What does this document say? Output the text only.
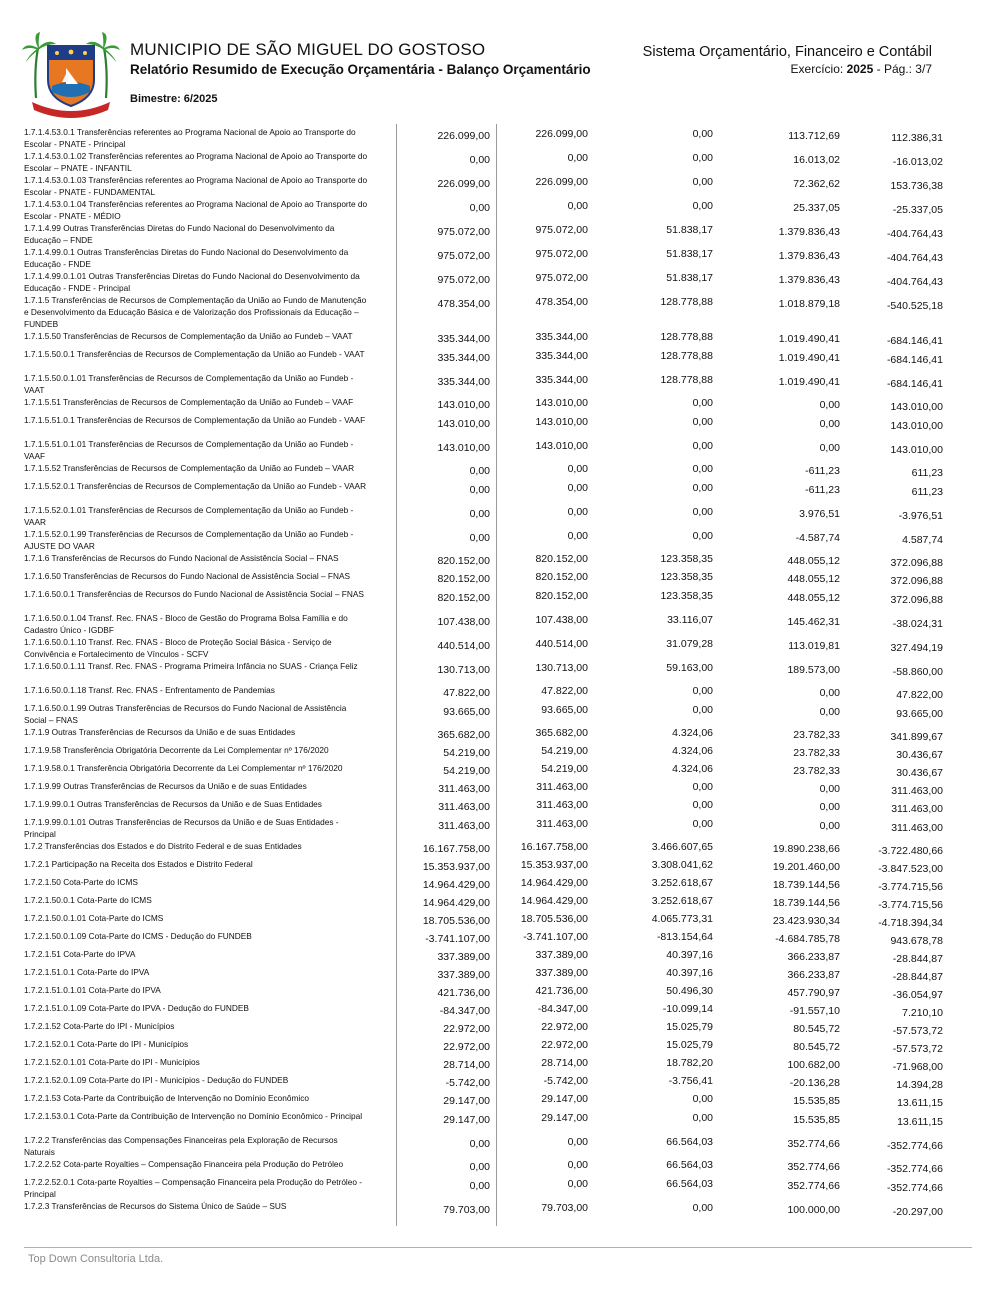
MUNICIPIO DE SÃO MIGUEL DO GOSTOSO
Relatório Resumido de Execução Orçamentária - Balanço Orçamentário
Sistema Orçamentário, Financeiro e Contábil
Exercício: 2025 - Pág.: 3/7
Bimestre: 6/2025
1.7.1.4.53.0.1 Transferências referentes ao Programa Nacional de Apoio ao Transporte do Escolar - PNATE - Principal
226.099,00	226.099,00	0,00	113.712,69	112.386,31
1.7.1.4.53.0.1.02 Transferências referentes ao Programa Nacional de Apoio ao Transporte do Escolar – PNATE - INFANTIL
0,00	0,00	0,00	16.013,02	-16.013,02
1.7.1.4.53.0.1.03 Transferências referentes ao Programa Nacional de Apoio ao Transporte do Escolar - PNATE - FUNDAMENTAL
226.099,00	226.099,00	0,00	72.362,62	153.736,38
1.7.1.4.53.0.1.04 Transferências referentes ao Programa Nacional de Apoio ao Transporte do Escolar - PNATE - MÉDIO
0,00	0,00	0,00	25.337,05	-25.337,05
1.7.1.4.99 Outras Transferências Diretas do Fundo Nacional do Desenvolvimento da Educação – FNDE
975.072,00	975.072,00	51.838,17	1.379.836,43	-404.764,43
1.7.1.4.99.0.1 Outras Transferências Diretas do Fundo Nacional do Desenvolvimento da Educação - FNDE
975.072,00	975.072,00	51.838,17	1.379.836,43	-404.764,43
1.7.1.4.99.0.1.01 Outras Transferências Diretas do Fundo Nacional do Desenvolvimento da Educação - FNDE - Principal
975.072,00	975.072,00	51.838,17	1.379.836,43	-404.764,43
1.7.1.5 Transferências de Recursos de Complementação da União ao Fundo de Manutenção e Desenvolvimento da Educação Básica e de Valorização dos Profissionais da Educação – FUNDEB
478.354,00	478.354,00	128.778,88	1.018.879,18	-540.525,18
1.7.1.5.50 Transferências de Recursos de Complementação da União ao Fundeb – VAAT	335.344,00	335.344,00	128.778,88	1.019.490,41	-684.146,41
1.7.1.5.50.0.1 Transferências de Recursos de Complementação da União ao Fundeb - VAAT	335.344,00	335.344,00	128.778,88	1.019.490,41	-684.146,41
1.7.1.5.50.0.1.01 Transferências de Recursos de Complementação da União ao Fundeb - VAAT
335.344,00	335.344,00	128.778,88	1.019.490,41	-684.146,41
1.7.1.5.51 Transferências de Recursos de Complementação da União ao Fundeb – VAAF	143.010,00	143.010,00	0,00	0,00	143.010,00
1.7.1.5.51.0.1 Transferências de Recursos de Complementação da União ao Fundeb - VAAF	143.010,00	143.010,00	0,00	0,00	143.010,00
1.7.1.5.51.0.1.01 Transferências de Recursos de Complementação da União ao Fundeb - VAAF
143.010,00	143.010,00	0,00	0,00	143.010,00
1.7.1.5.52 Transferências de Recursos de Complementação da União ao Fundeb – VAAR	0,00	0,00	0,00	-611,23	611,23
1.7.1.5.52.0.1 Transferências de Recursos de Complementação da União ao Fundeb - VAAR	0,00	0,00	0,00	-611,23	611,23
1.7.1.5.52.0.1.01 Transferências de Recursos de Complementação da União ao Fundeb - VAAR
0,00	0,00	0,00	3.976,51	-3.976,51
1.7.1.5.52.0.1.99 Transferências de Recursos de Complementação da União ao Fundeb - AJUSTE DO VAAR
0,00	0,00	0,00	-4.587,74	4.587,74
1.7.1.6 Transferências de Recursos do Fundo Nacional de Assistência Social – FNAS	820.152,00	820.152,00	123.358,35	448.055,12	372.096,88
1.7.1.6.50 Transferências de Recursos do Fundo Nacional de Assistência Social – FNAS	820.152,00	820.152,00	123.358,35	448.055,12	372.096,88
1.7.1.6.50.0.1 Transferências de Recursos do Fundo Nacional de Assistência Social – FNAS	820.152,00	820.152,00	123.358,35	448.055,12	372.096,88
1.7.1.6.50.0.1.04 Transf. Rec. FNAS - Bloco de Gestão do Programa Bolsa Família e do Cadastro Único - IGDBF
107.438,00	107.438,00	33.116,07	145.462,31	-38.024,31
1.7.1.6.50.0.1.10 Transf. Rec. FNAS - Bloco de Proteção Social Básica - Serviço de Convivência e Fortalecimento de Vínculos - SCFV
440.514,00	440.514,00	31.079,28	113.019,81	327.494,19
1.7.1.6.50.0.1.11 Transf. Rec. FNAS - Programa Primeira Infância no SUAS - Criança Feliz	130.713,00	130.713,00	59.163,00	189.573,00	-58.860,00
1.7.1.6.50.0.1.18 Transf. Rec. FNAS - Enfrentamento de Pandemias	47.822,00	47.822,00	0,00	0,00	47.822,00
1.7.1.6.50.0.1.99 Outras Transferências de Recursos do Fundo Nacional de Assistência Social – FNAS
93.665,00	93.665,00	0,00	0,00	93.665,00
1.7.1.9 Outras Transferências de Recursos da União e de suas Entidades	365.682,00	365.682,00	4.324,06	23.782,33	341.899,67
1.7.1.9.58 Transferência Obrigatória Decorrente da Lei Complementar nº 176/2020	54.219,00	54.219,00	4.324,06	23.782,33	30.436,67
1.7.1.9.58.0.1 Transferência Obrigatória Decorrente da Lei Complementar nº 176/2020	54.219,00	54.219,00	4.324,06	23.782,33	30.436,67
1.7.1.9.99 Outras Transferências de Recursos da União e de suas Entidades	311.463,00	311.463,00	0,00	0,00	311.463,00
1.7.1.9.99.0.1 Outras Transferências de Recursos da União e de Suas Entidades	311.463,00	311.463,00	0,00	0,00	311.463,00
1.7.1.9.99.0.1.01 Outras Transferências de Recursos da União e de Suas Entidades - Principal
311.463,00	311.463,00	0,00	0,00	311.463,00
1.7.2 Transferências dos Estados e do Distrito Federal e de suas Entidades	16.167.758,00	16.167.758,00	3.466.607,65	19.890.238,66	-3.722.480,66
1.7.2.1 Participação na Receita dos Estados e Distrito Federal	15.353.937,00	15.353.937,00	3.308.041,62	19.201.460,00	-3.847.523,00
1.7.2.1.50 Cota-Parte do ICMS	14.964.429,00	14.964.429,00	3.252.618,67	18.739.144,56	-3.774.715,56
1.7.2.1.50.0.1 Cota-Parte do ICMS	14.964.429,00	14.964.429,00	3.252.618,67	18.739.144,56	-3.774.715,56
1.7.2.1.50.0.1.01 Cota-Parte do ICMS	18.705.536,00	18.705.536,00	4.065.773,31	23.423.930,34	-4.718.394,34
1.7.2.1.50.0.1.09 Cota-Parte do ICMS - Dedução do FUNDEB	-3.741.107,00	-3.741.107,00	-813.154,64	-4.684.785,78	943.678,78
1.7.2.1.51 Cota-Parte do IPVA	337.389,00	337.389,00	40.397,16	366.233,87	-28.844,87
1.7.2.1.51.0.1 Cota-Parte do IPVA	337.389,00	337.389,00	40.397,16	366.233,87	-28.844,87
1.7.2.1.51.0.1.01 Cota-Parte do IPVA	421.736,00	421.736,00	50.496,30	457.790,97	-36.054,97
1.7.2.1.51.0.1.09 Cota-Parte do IPVA - Dedução do FUNDEB	-84.347,00	-84.347,00	-10.099,14	-91.557,10	7.210,10
1.7.2.1.52 Cota-Parte do IPI - Municípios	22.972,00	22.972,00	15.025,79	80.545,72	-57.573,72
1.7.2.1.52.0.1 Cota-Parte do IPI - Municípios	22.972,00	22.972,00	15.025,79	80.545,72	-57.573,72
1.7.2.1.52.0.1.01 Cota-Parte do IPI - Municípios	28.714,00	28.714,00	18.782,20	100.682,00	-71.968,00
1.7.2.1.52.0.1.09 Cota-Parte do IPI - Municípios - Dedução do FUNDEB	-5.742,00	-5.742,00	-3.756,41	-20.136,28	14.394,28
1.7.2.1.53 Cota-Parte da Contribuição de Intervenção no Domínio Econômico	29.147,00	29.147,00	0,00	15.535,85	13.611,15
1.7.2.1.53.0.1 Cota-Parte da Contribuição de Intervenção no Domínio Econômico - Principal	29.147,00	29.147,00	0,00	15.535,85	13.611,15
1.7.2.2 Transferências das Compensações Financeiras pela Exploração de Recursos Naturais
0,00	0,00	66.564,03	352.774,66	-352.774,66
1.7.2.2.52 Cota-parte Royalties – Compensação Financeira pela Produção do Petróleo	0,00	0,00	66.564,03	352.774,66	-352.774,66
1.7.2.2.52.0.1 Cota-parte Royalties – Compensação Financeira pela Produção do Petróleo - Principal
0,00	0,00	66.564,03	352.774,66	-352.774,66
1.7.2.3 Transferências de Recursos do Sistema Único de Saúde – SUS	79.703,00	79.703,00	0,00	100.000,00	-20.297,00
Top Down Consultoria Ltda.
